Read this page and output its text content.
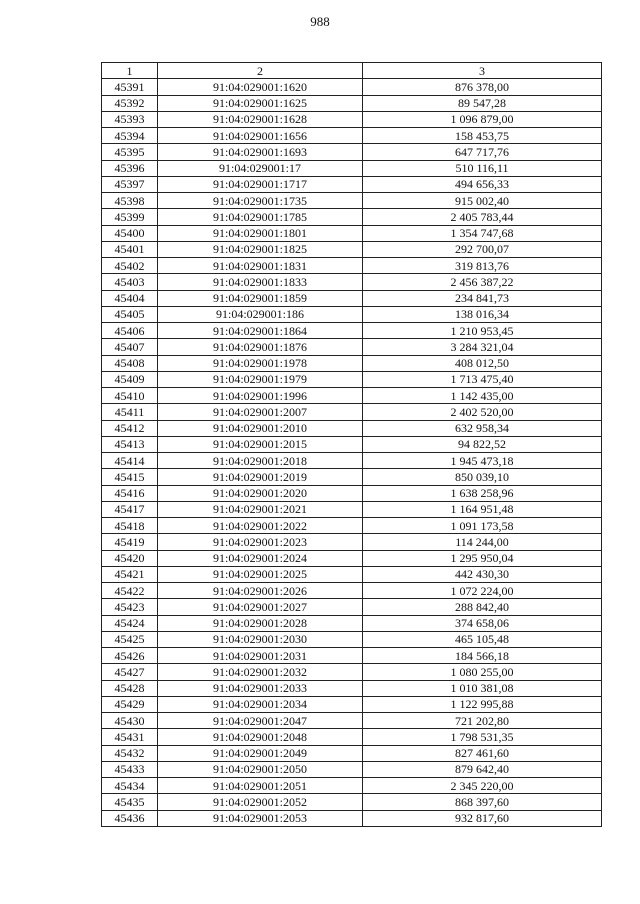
988
1	2	3
45391	91:04:029001:1620	876 378,00
45392	91:04:029001:1625	89 547,28
45393	91:04:029001:1628	1 096 879,00
45394	91:04:029001:1656	158 453,75
45395	91:04:029001:1693	647 717,76
45396	91:04:029001:17	510 116,11
45397	91:04:029001:1717	494 656,33
45398	91:04:029001:1735	915 002,40
45399	91:04:029001:1785	2 405 783,44
45400	91:04:029001:1801	1 354 747,68
45401	91:04:029001:1825	292 700,07
45402	91:04:029001:1831	319 813,76
45403	91:04:029001:1833	2 456 387,22
45404	91:04:029001:1859	234 841,73
45405	91:04:029001:186	138 016,34
45406	91:04:029001:1864	1 210 953,45
45407	91:04:029001:1876	3 284 321,04
45408	91:04:029001:1978	408 012,50
45409	91:04:029001:1979	1 713 475,40
45410	91:04:029001:1996	1 142 435,00
45411	91:04:029001:2007	2 402 520,00
45412	91:04:029001:2010	632 958,34
45413	91:04:029001:2015	94 822,52
45414	91:04:029001:2018	1 945 473,18
45415	91:04:029001:2019	850 039,10
45416	91:04:029001:2020	1 638 258,96
45417	91:04:029001:2021	1 164 951,48
45418	91:04:029001:2022	1 091 173,58
45419	91:04:029001:2023	114 244,00
45420	91:04:029001:2024	1 295 950,04
45421	91:04:029001:2025	442 430,30
45422	91:04:029001:2026	1 072 224,00
45423	91:04:029001:2027	288 842,40
45424	91:04:029001:2028	374 658,06
45425	91:04:029001:2030	465 105,48
45426	91:04:029001:2031	184 566,18
45427	91:04:029001:2032	1 080 255,00
45428	91:04:029001:2033	1 010 381,08
45429	91:04:029001:2034	1 122 995,88
45430	91:04:029001:2047	721 202,80
45431	91:04:029001:2048	1 798 531,35
45432	91:04:029001:2049	827 461,60
45433	91:04:029001:2050	879 642,40
45434	91:04:029001:2051	2 345 220,00
45435	91:04:029001:2052	868 397,60
45436	91:04:029001:2053	932 817,60
